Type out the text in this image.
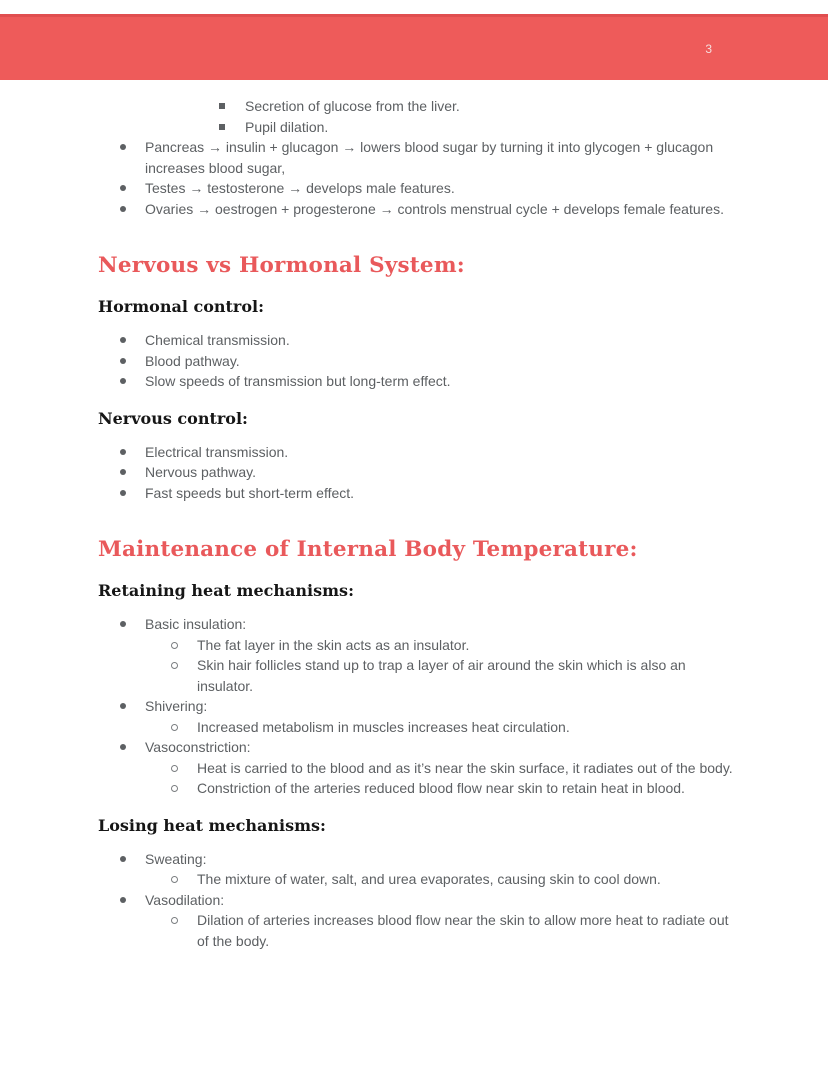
3
Secretion of glucose from the liver.
Pupil dilation.
Pancreas → insulin + glucagon → lowers blood sugar by turning it into glycogen + glucagon increases blood sugar,
Testes → testosterone → develops male features.
Ovaries → oestrogen + progesterone → controls menstrual cycle + develops female features.
Nervous vs Hormonal System:
Hormonal control:
Chemical transmission.
Blood pathway.
Slow speeds of transmission but long-term effect.
Nervous control:
Electrical transmission.
Nervous pathway.
Fast speeds but short-term effect.
Maintenance of Internal Body Temperature:
Retaining heat mechanisms:
Basic insulation:
The fat layer in the skin acts as an insulator.
Skin hair follicles stand up to trap a layer of air around the skin which is also an insulator.
Shivering:
Increased metabolism in muscles increases heat circulation.
Vasoconstriction:
Heat is carried to the blood and as it’s near the skin surface, it radiates out of the body.
Constriction of the arteries reduced blood flow near skin to retain heat in blood.
Losing heat mechanisms:
Sweating:
The mixture of water, salt, and urea evaporates, causing skin to cool down.
Vasodilation:
Dilation of arteries increases blood flow near the skin to allow more heat to radiate out of the body.
